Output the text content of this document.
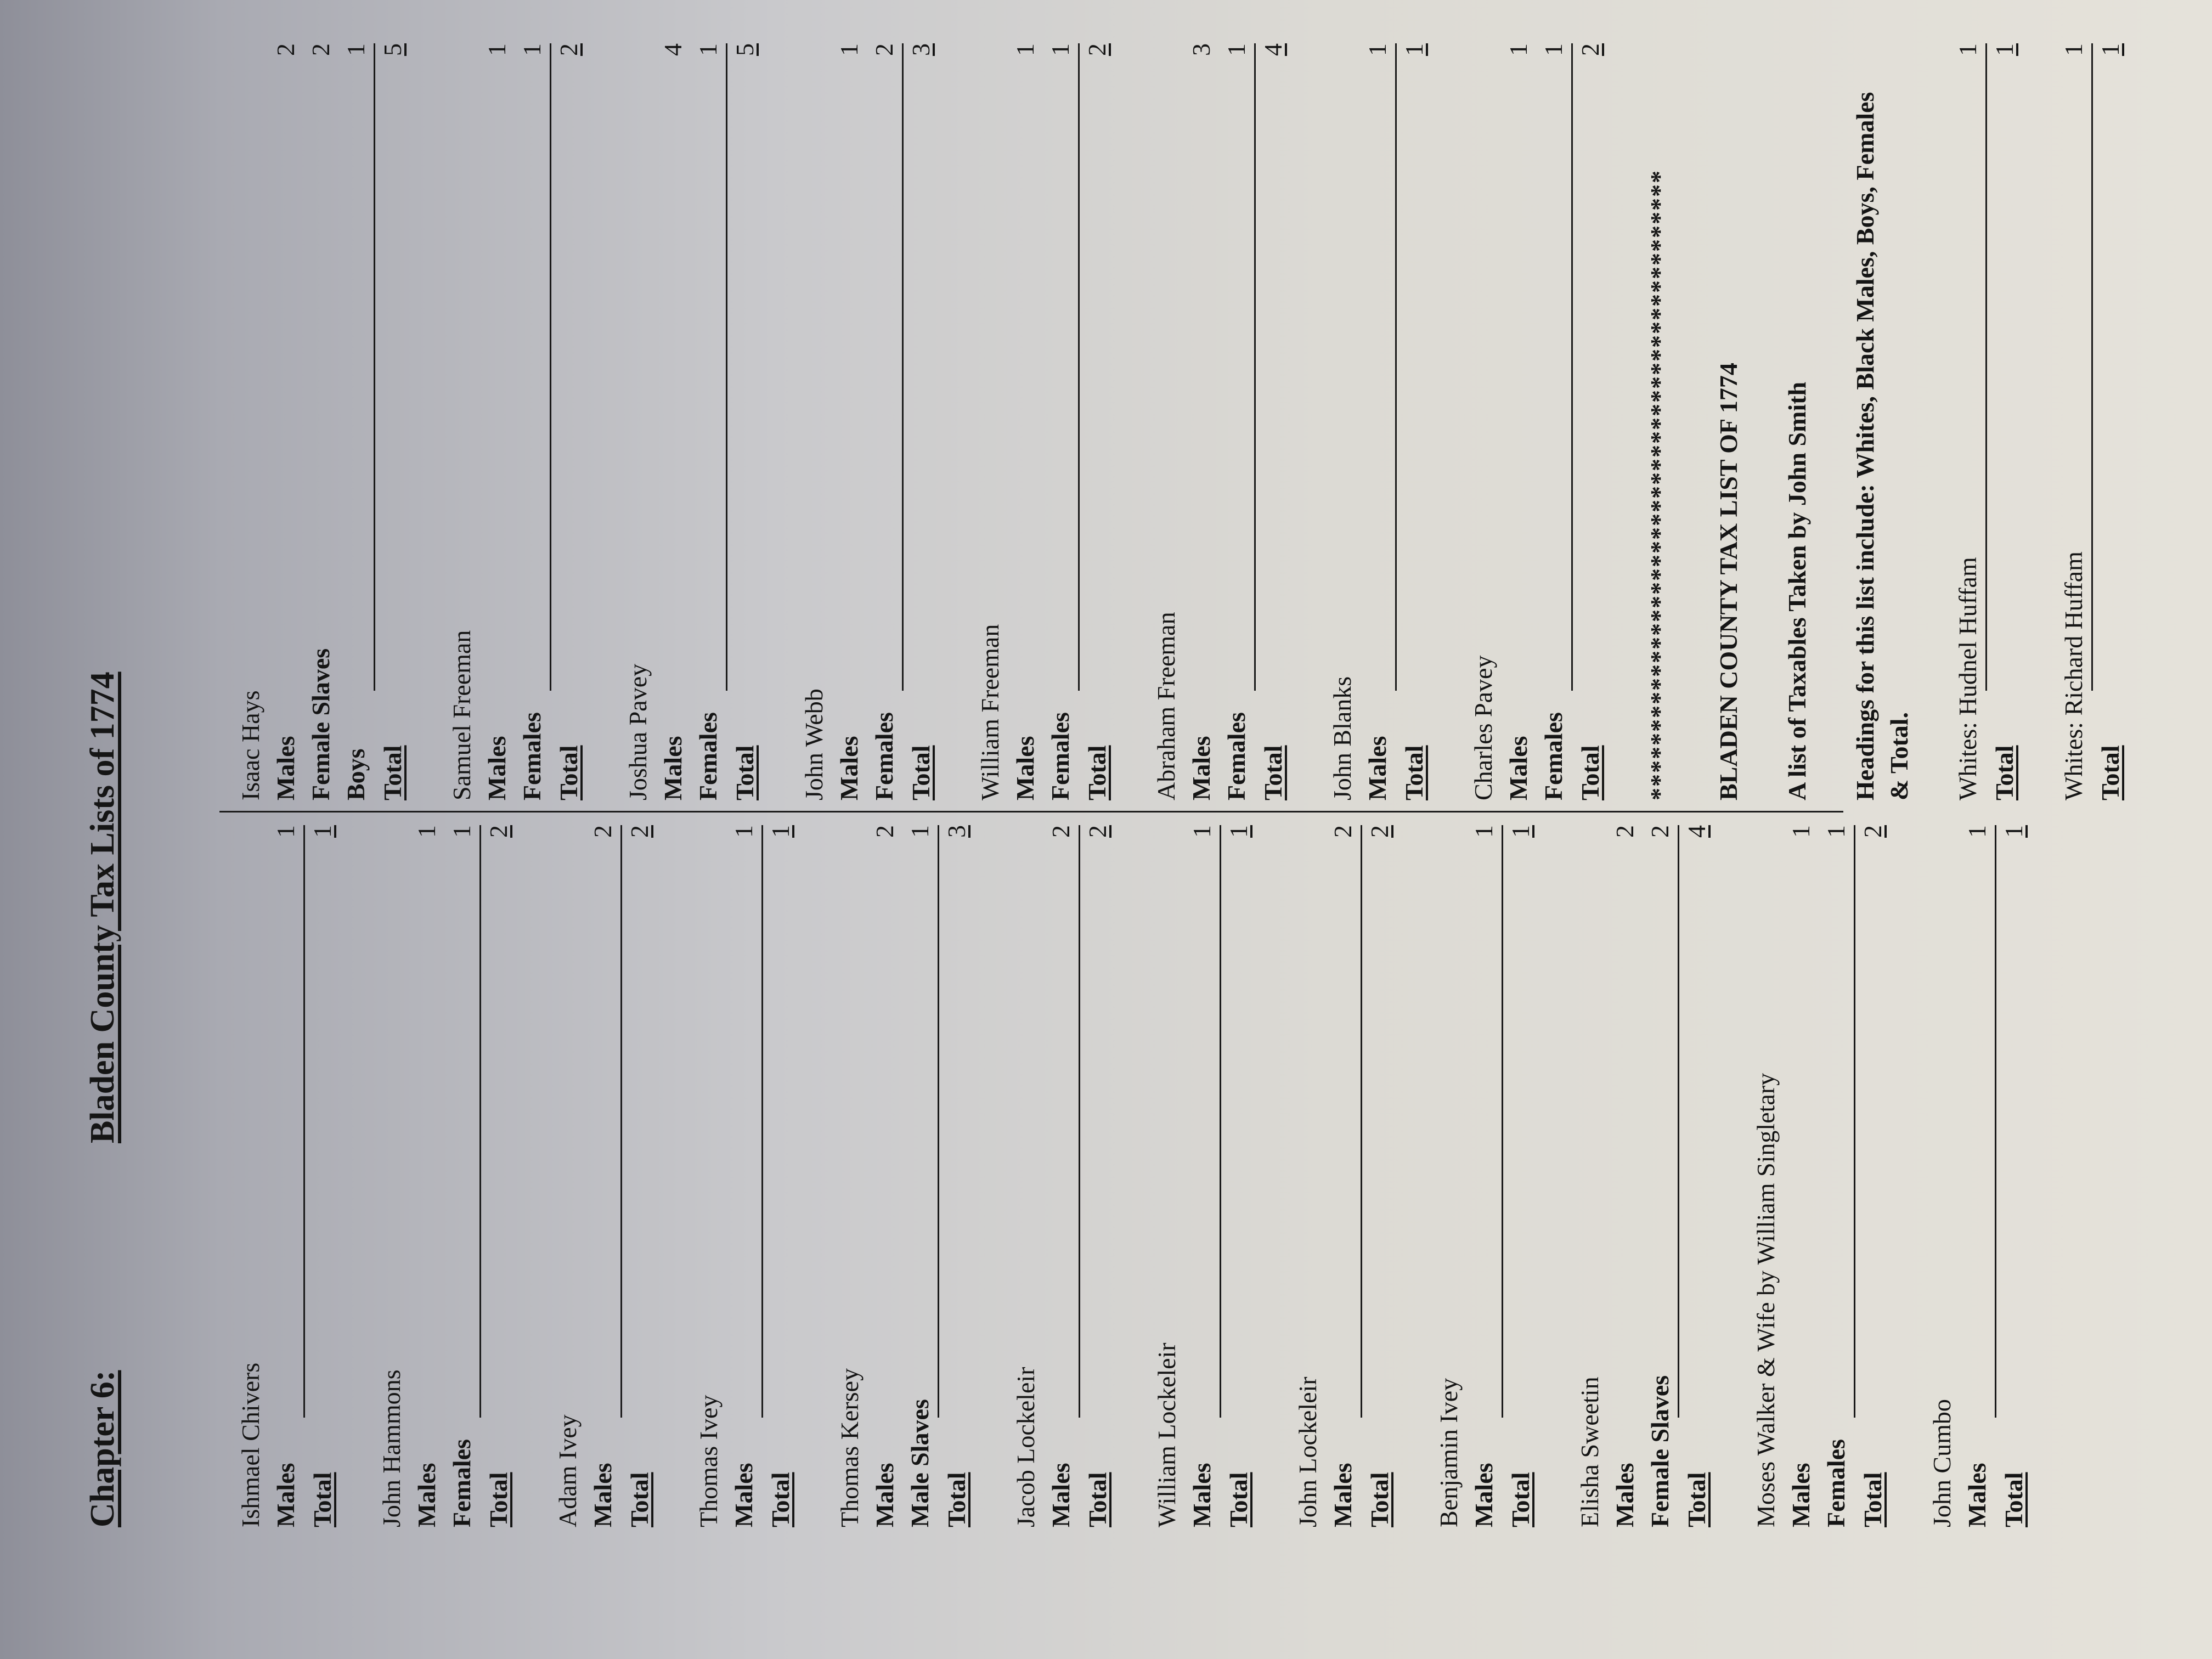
Chapter 6:
Bladen County Tax Lists of 1774
Ishmael Chivers Males
1
Total
1
John Hammons Males
1
Females
1
Total
2
Adam Ivey Males
2
Total
2
Thomas Ivey Males
1
Total
1
Thomas Kersey Males
2
Male Slaves
1
Total
3
Jacob Lockeleir Males
2
Total
2
William Lockeleir Males
1
Total
1
John Lockeleir Males
2
Total
2
Benjamin Ivey Males
1
Total
1
Elisha Sweetin Males
2
Female Slaves
2
Total
4
Moses Walker & Wife by William Singletary Males
1
Females
1
Total
2
John Cumbo Males
1
Total
1
Isaac Hays Males
2
Female Slaves
2
Boys
1
Total
5
Samuel Freeman Males
1
Females
1
Total
2
Joshua Pavey Males
4
Females
1
Total
5
John Webb Males
1
Females
2
Total
3
William Freeman Males
1
Females
1
Total
2
Abraham Freeman Males
3
Females
1
Total
4
John Blanks Males
1
Total
1
Charles Pavey Males
1
Females
1
Total
2
********************************************** BLADEN COUNTY TAX LIST OF 1774 A list of Taxables Taken by John Smith Headings for this list include: Whites, Black Males, Boys, Females & Total. Whites: Hudnel Huffam
1
Total
1
Whites: Richard Huffam
1
Total
1
